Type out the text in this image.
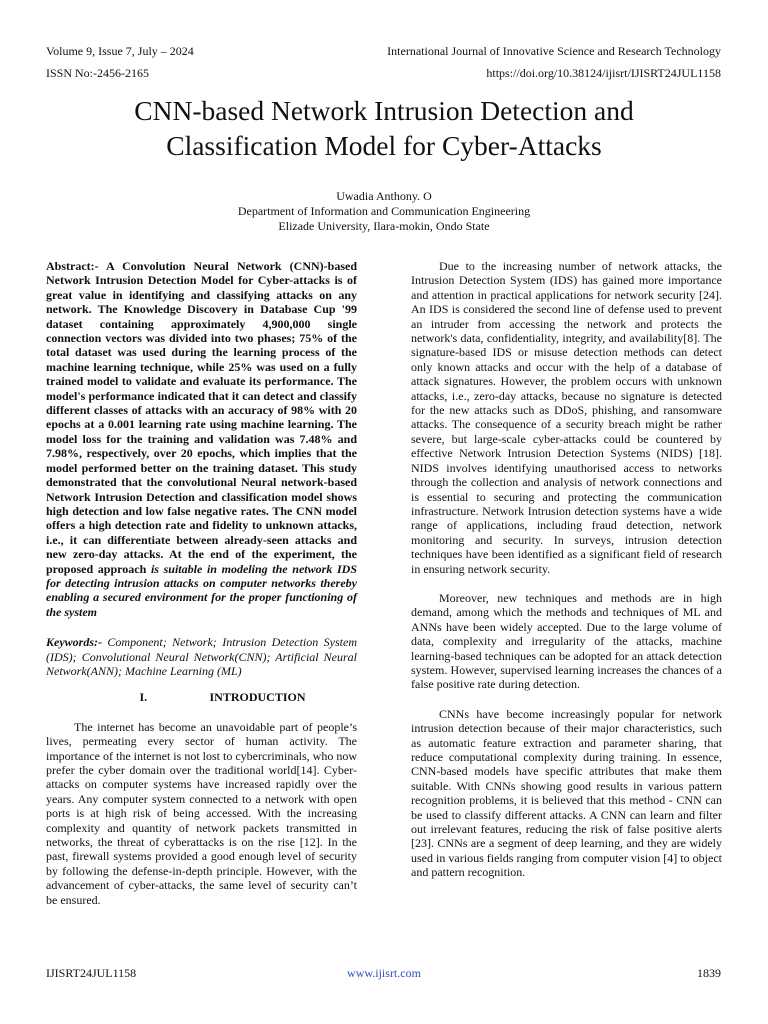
Volume 9, Issue 7, July – 2024	International Journal of Innovative Science and Research Technology
ISSN No:-2456-2165	https://doi.org/10.38124/ijisrt/IJISRT24JUL1158
CNN-based Network Intrusion Detection and
Classification Model for Cyber-Attacks
Uwadia Anthony. O
Department of Information and Communication Engineering
Elizade University, Ilara-mokin, Ondo State

Abstract:- A Convolution Neural Network (CNN)-based Network Intrusion Detection Model for Cyber-attacks is of great value in identifying and classifying attacks on any network. The Knowledge Discovery in Database Cup '99 dataset containing approximately 4,900,000 single connection vectors was divided into two phases; 75% of the total dataset was used during the learning process of the machine learning technique, while 25% was used on a fully trained model to validate and evaluate its performance. The model's performance indicated that it can detect and classify different classes of attacks with an accuracy of 98% with 20 epochs at a 0.001 learning rate using machine learning. The model loss for the training and validation was 7.48% and 7.98%, respectively, over 20 epochs, which implies that the model performed better on the training dataset. This study demonstrated that the convolutional Neural network-based Network Intrusion Detection and classification model shows high detection and low false negative rates. The CNN model offers a high detection rate and fidelity to unknown attacks, i.e., it can differentiate between already-seen attacks and new zero-day attacks. At the end of the experiment, the proposed approach is suitable in modeling the network IDS for detecting intrusion attacks on computer networks thereby enabling a secured environment for the proper functioning of the system

Keywords:- Component; Network; Intrusion Detection System (IDS); Convolutional Neural Network(CNN); Artificial Neural Network(ANN); Machine Learning (ML)

I.	INTRODUCTION

The internet has become an unavoidable part of people’s lives, permeating every sector of human activity. The importance of the internet is not lost to cybercriminals, who now prefer the cyber domain over the traditional world[14]. Cyber-attacks on computer systems have increased rapidly over the years. Any computer system connected to a network with open ports is at high risk of being accessed. With the increasing complexity and quantity of network packets transmitted in networks, the threat of cyberattacks is on the rise [12]. In the past, firewall systems provided a good enough level of security by following the defense-in-depth principle. However, with the advancement of cyber-attacks, the same level of security can’t be ensured.

Due to the increasing number of network attacks, the Intrusion Detection System (IDS) has gained more importance and attention in practical applications for network security [24]. An IDS is considered the second line of defense used to prevent an intruder from accessing the network and protects the network's data, confidentiality, integrity, and availability[8]. The signature-based IDS or misuse detection methods can detect only known attacks and occur with the help of a database of attack signatures. However, the problem occurs with unknown attacks, i.e., zero-day attacks, because no signature is detected for the new attacks such as DDoS, phishing, and ransomware attacks. The consequence of a security breach might be rather severe, but large-scale cyber-attacks could be countered by effective Network Intrusion Detection Systems (NIDS) [18]. NIDS involves identifying unauthorised access to networks through the collection and analysis of network connections and is essential to securing and protecting the communication infrastructure. Network Intrusion detection systems have a wide range of applications, including fraud detection, network monitoring and security. In surveys, intrusion detection techniques have been identified as a significant field of research in ensuring network security.

Moreover, new techniques and methods are in high demand, among which the methods and techniques of ML and ANNs have been widely accepted. Due to the large volume of data, complexity and irregularity of the attacks, machine learning-based techniques can be adopted for an attack detection system. However, supervised learning increases the chances of a false positive rate during detection.

CNNs have become increasingly popular for network intrusion detection because of their major characteristics, such as automatic feature extraction and parameter sharing, that reduce computational complexity during training. In essence, CNN-based models have specific attributes that make them suitable. With CNNs showing good results in various pattern recognition problems, it is believed that this method - CNN can be used to classify different attacks. A CNN can learn and filter out irrelevant features, reducing the risk of false positive alerts [23]. CNNs are a segment of deep learning, and they are widely used in various fields ranging from computer vision [4] to object and pattern recognition.

IJISRT24JUL1158	www.ijisrt.com	1839
